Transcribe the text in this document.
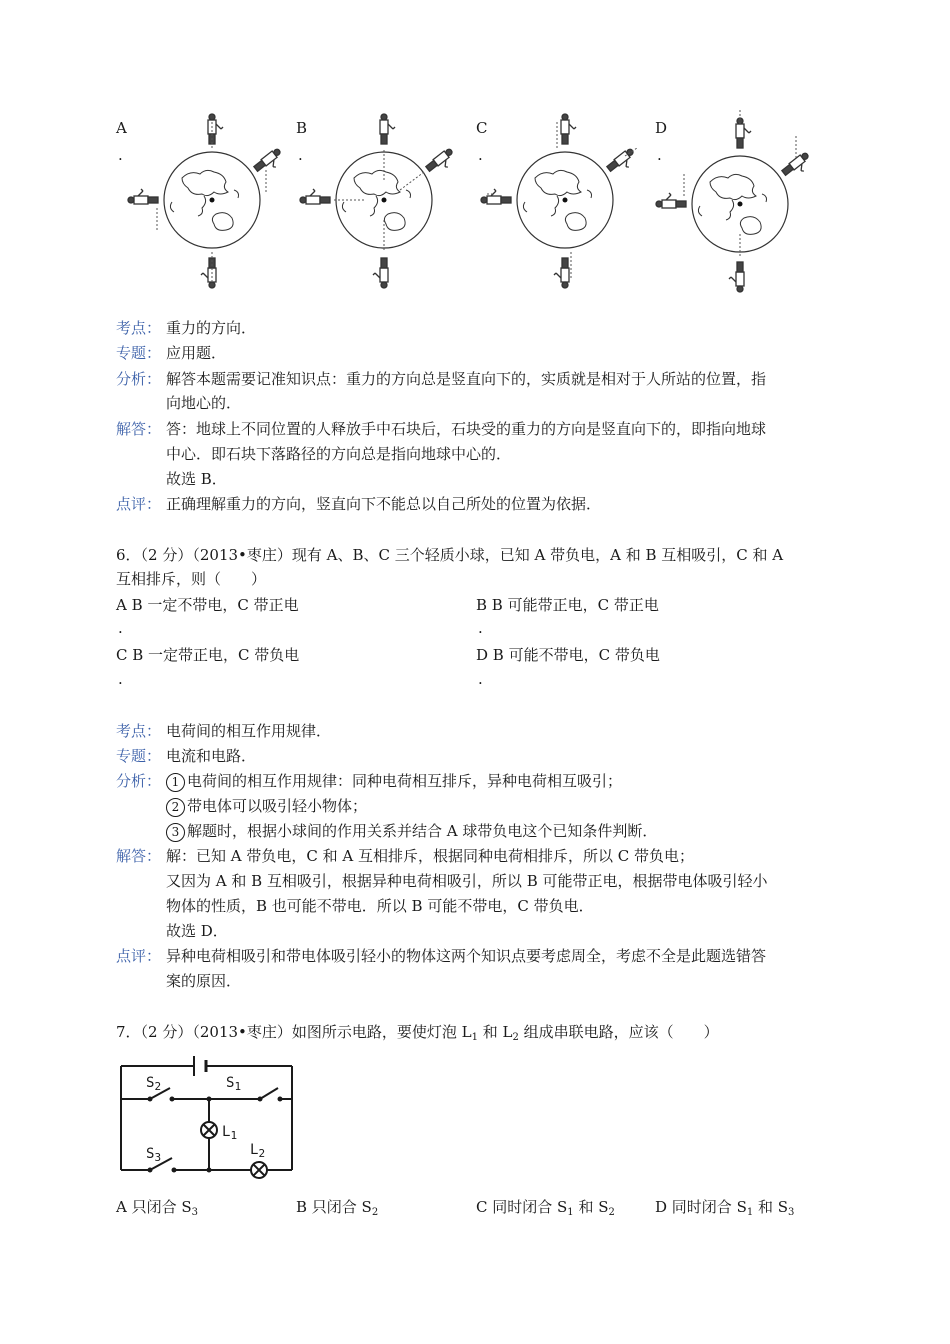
A
.
B
.
C
.
D
.
考点： 重力的方向．
专题： 应用题．
分析： 解答本题需要记准知识点：重力的方向总是竖直向下的，实质就是相对于人所站的位置，指
向地心的．
解答： 答：地球上不同位置的人释放手中石块后，石块受的重力的方向是竖直向下的，即指向地球
中心．即石块下落路径的方向总是指向地球中心的．
故选 B．
点评： 正确理解重力的方向，竖直向下不能总以自己所处的位置为依据．
6．（2 分）（2013•枣庄）现有 A、B、C 三个轻质小球，已知 A 带负电，A 和 B 互相吸引，C 和 A
互相排斥，则（　　）
A B 一定不带电，C 带正电
.
B B 可能带正电，C 带正电
.
C B 一定带正电，C 带负电
.
D B 可能不带电，C 带负电
.
考点： 电荷间的相互作用规律．
专题： 电流和电路．
分析： 1 电荷间的相互作用规律：同种电荷相互排斥，异种电荷相互吸引；
2 带电体可以吸引轻小物体；
3 解题时，根据小球间的作用关系并结合 A 球带负电这个已知条件判断．
解答： 解：已知 A 带负电，C 和 A 互相排斥，根据同种电荷相排斥，所以 C 带负电；
又因为 A 和 B 互相吸引，根据异种电荷相吸引，所以 B 可能带正电，根据带电体吸引轻小
物体的性质，B 也可能不带电．所以 B 可能不带电，C 带负电．
故选 D．
点评： 异种电荷相吸引和带电体吸引轻小的物体这两个知识点要考虑周全，考虑不全是此题选错答
案的原因．
7．（2 分）（2013•枣庄）如图所示电路，要使灯泡 $L_1$ 和 $L_2$ 组成串联电路，应该（　　）
$S_2$	$S_1$
$L_1$
$L_2$
$S_3$
A 只闭合 $S_3$	B 只闭合 $S_2$	C 同时闭合 $S_1$ 和 $S_2$	D 同时闭合 $S_1$ 和 $S_3$
